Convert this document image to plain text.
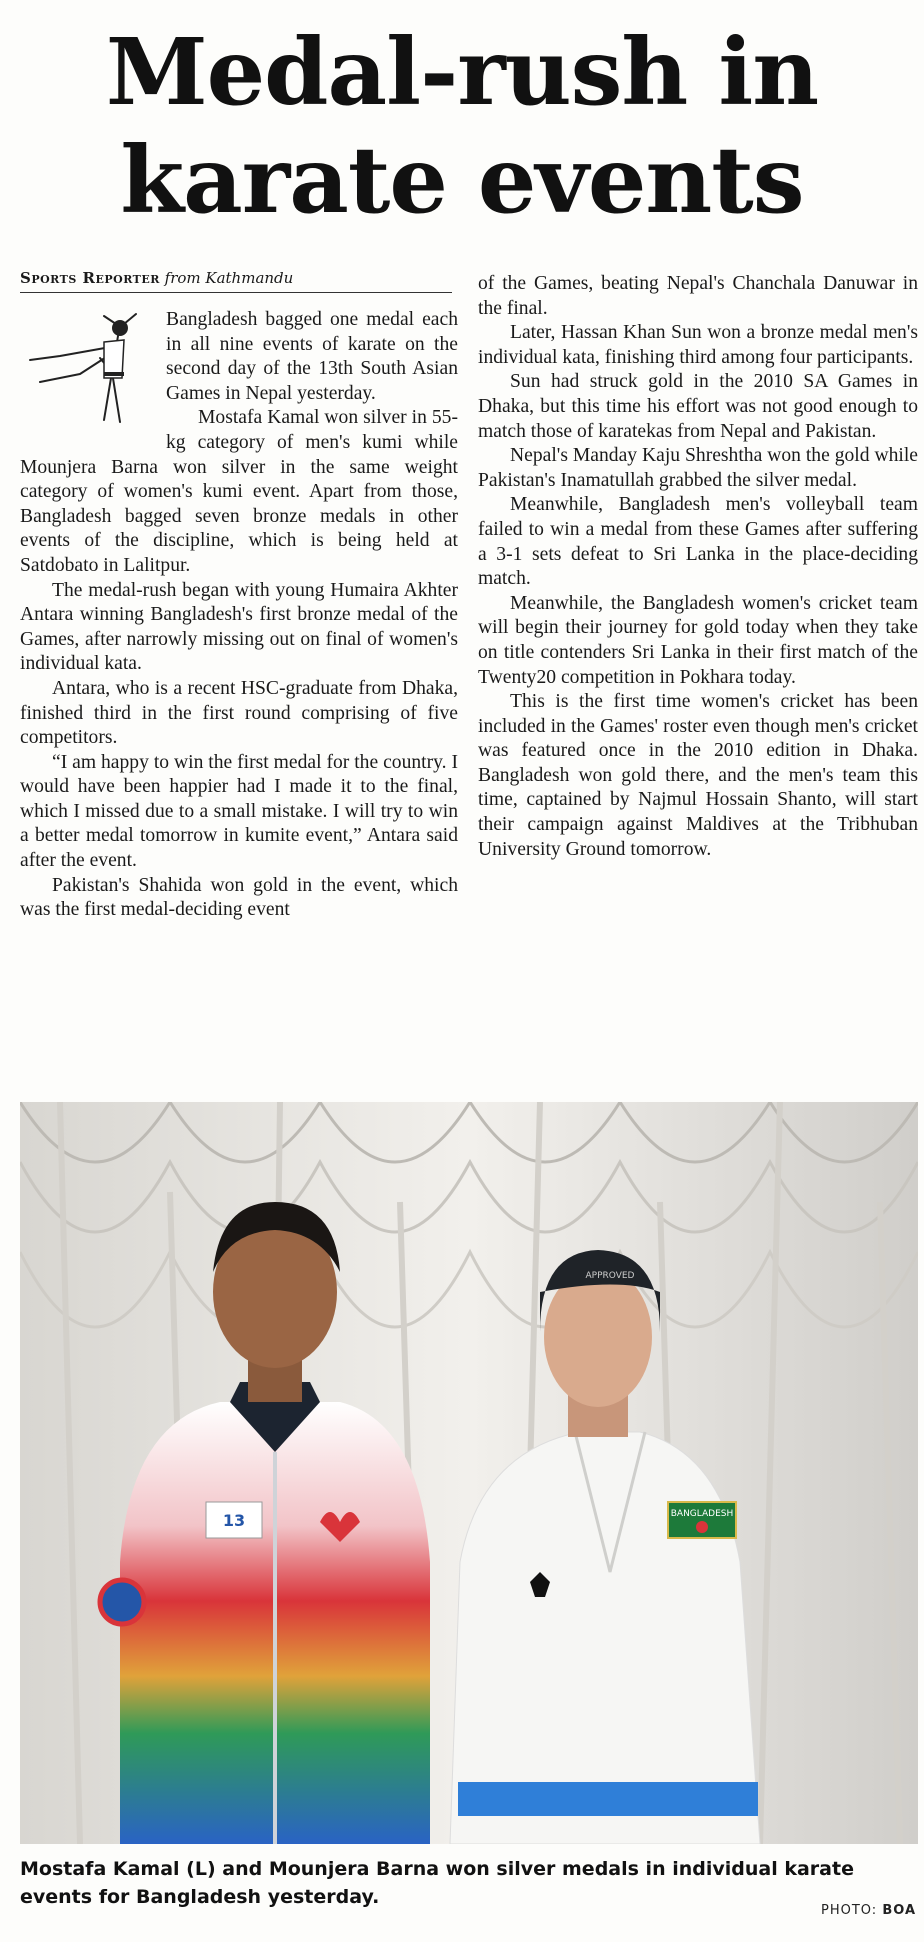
Medal-rush in
karate events
Sports Reporter from Kathmandu

Bangladesh bagged one medal each in all nine events of karate on the second day of the 13th South Asian Games in Nepal yesterday.

Mostafa Kamal won silver in 55-kg category of men's kumi while Mounjera Barna won silver in the same weight category of women's kumi event. Apart from those, Bangladesh bagged seven bronze medals in other events of the discipline, which is being held at Satdobato in Lalitpur.

The medal-rush began with young Humaira Akhter Antara winning Bangladesh's first bronze medal of the Games, after narrowly missing out on final of women's individual kata.

Antara, who is a recent HSC-graduate from Dhaka, finished third in the first round comprising of five competitors.

“I am happy to win the first medal for the country. I would have been happier had I made it to the final, which I missed due to a small mistake. I will try to win a better medal tomorrow in kumite event,” Antara said after the event.

Pakistan's Shahida won gold in the event, which was the first medal-deciding event

of the Games, beating Nepal's Chanchala Danuwar in the final.

Later, Hassan Khan Sun won a bronze medal men's individual kata, finishing third among four participants.

Sun had struck gold in the 2010 SA Games in Dhaka, but this time his effort was not good enough to match those of karatekas from Nepal and Pakistan.

Nepal's Manday Kaju Shreshtha won the gold while Pakistan's Inamatullah grabbed the silver medal.

Meanwhile, Bangladesh men's volleyball team failed to win a medal from these Games after suffering a 3-1 sets defeat to Sri Lanka in the place-deciding match.

Meanwhile, the Bangladesh women's cricket team will begin their journey for gold today when they take on title contenders Sri Lanka in their first match of the Twenty20 competition in Pokhara today.

This is the first time women's cricket has been included in the Games' roster even though men's cricket was featured once in the 2010 edition in Dhaka. Bangladesh won gold there, and the men's team this time, captained by Najmul Hossain Shanto, will start their campaign against Maldives at the Tribhuban University Ground tomorrow.

13	BANGLADESH
APPROVED
Mostafa Kamal (L) and Mounjera Barna won silver medals in individual karate events for Bangladesh yesterday.
PHOTO: BOA
